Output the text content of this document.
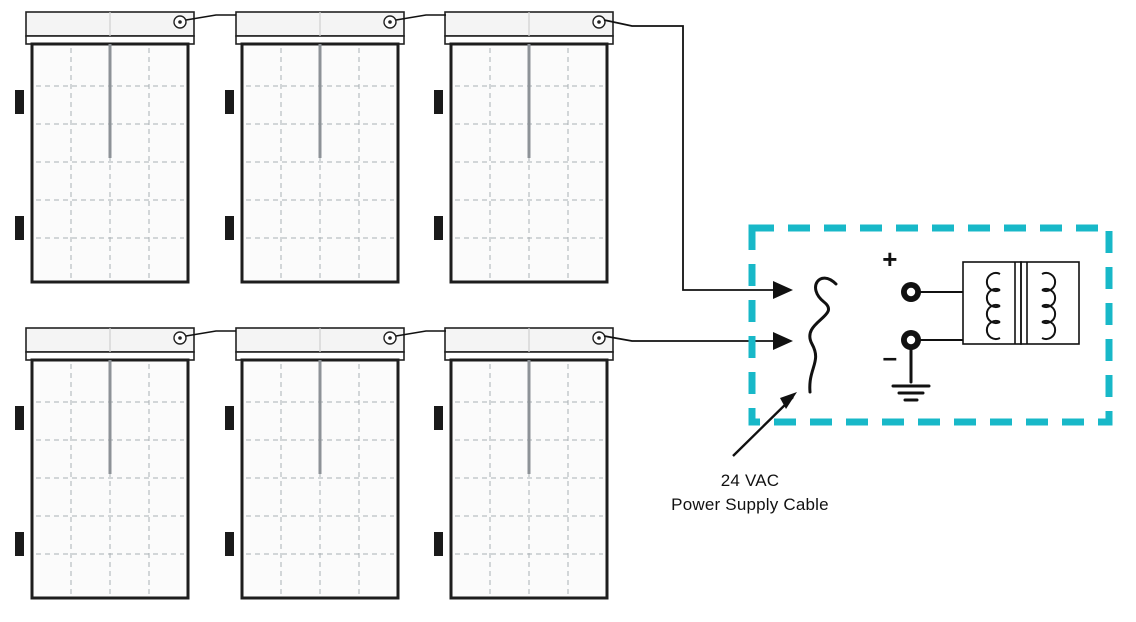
+
–
24 VAC
Power Supply Cable
